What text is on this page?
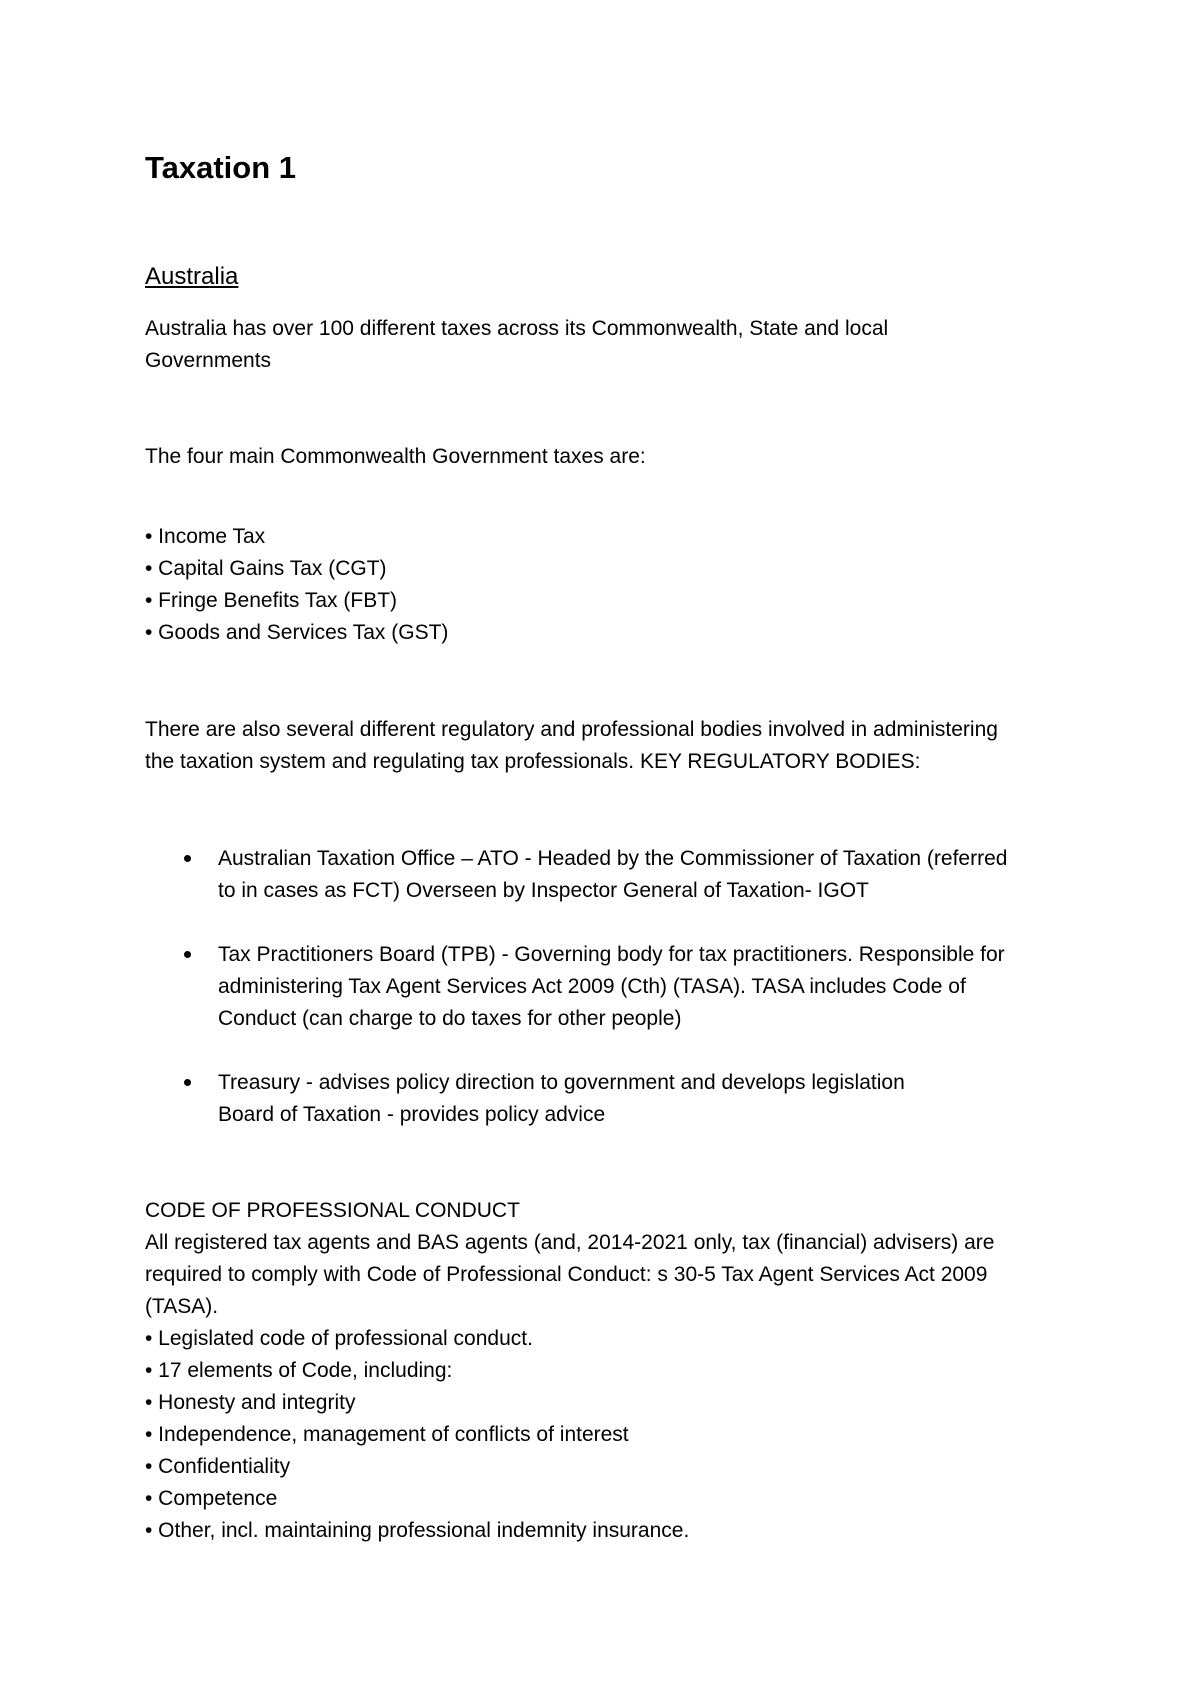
Taxation 1
Australia
Australia has over 100 different taxes across its Commonwealth, State and local
Governments
The four main Commonwealth Government taxes are:
• Income Tax
• Capital Gains Tax (CGT)
• Fringe Benefits Tax (FBT)
• Goods and Services Tax (GST)
There are also several different regulatory and professional bodies involved in administering
the taxation system and regulating tax professionals. KEY REGULATORY BODIES:
Australian Taxation Office – ATO - Headed by the Commissioner of Taxation (referred
to in cases as FCT) Overseen by Inspector General of Taxation- IGOT
Tax Practitioners Board (TPB) - Governing body for tax practitioners. Responsible for
administering Tax Agent Services Act 2009 (Cth) (TASA). TASA includes Code of
Conduct (can charge to do taxes for other people)
Treasury - advises policy direction to government and develops legislation
Board of Taxation - provides policy advice
CODE OF PROFESSIONAL CONDUCT
All registered tax agents and BAS agents (and, 2014-2021 only, tax (financial) advisers) are
required to comply with Code of Professional Conduct: s 30-5 Tax Agent Services Act 2009
(TASA).
• Legislated code of professional conduct.
• 17 elements of Code, including:
• Honesty and integrity
• Independence, management of conflicts of interest
• Confidentiality
• Competence
• Other, incl. maintaining professional indemnity insurance.
